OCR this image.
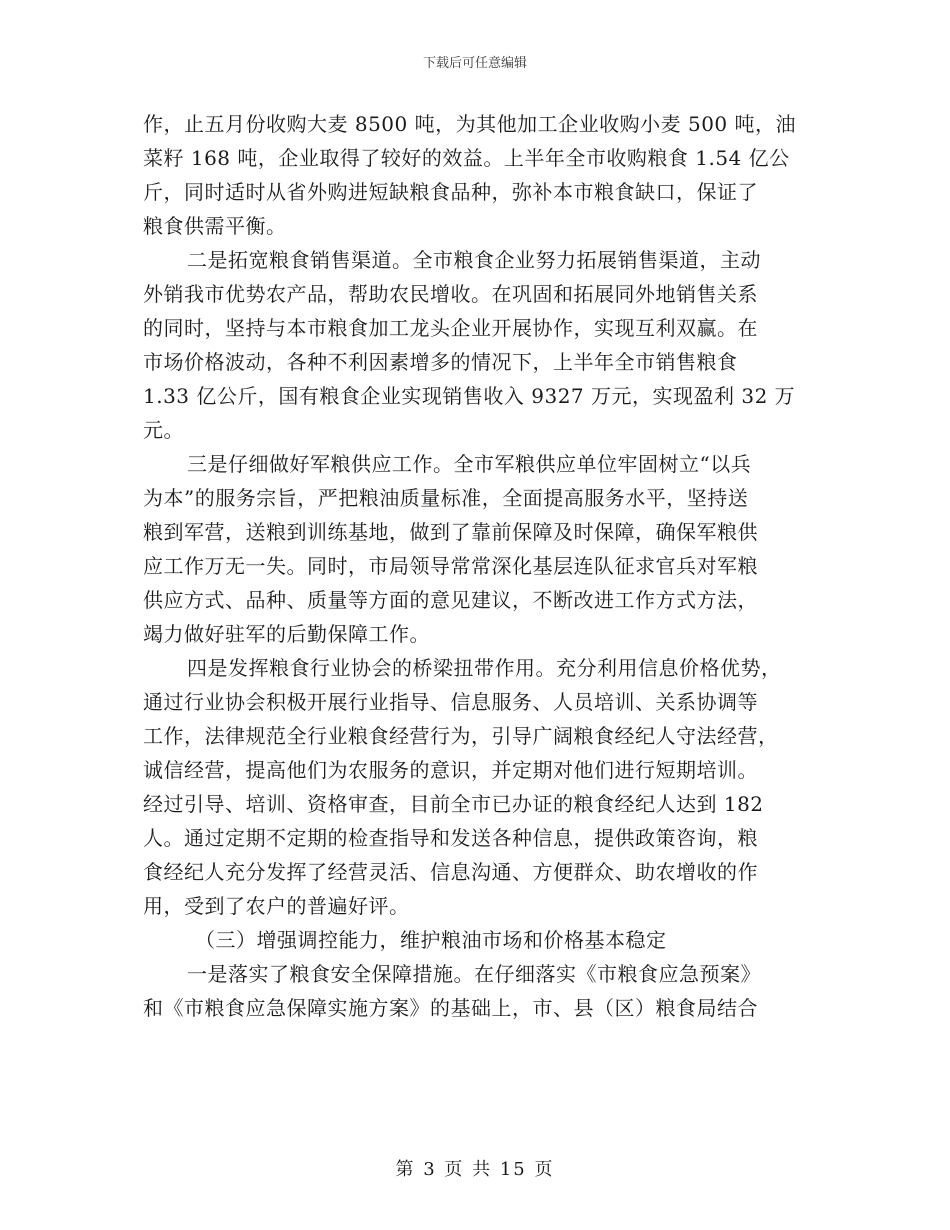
下载后可任意编辑
作，止五月份收购大麦 8500 吨，为其他加工企业收购小麦 500 吨，油
菜籽 168 吨，企业取得了较好的效益。上半年全市收购粮食 1.54 亿公
斤，同时适时从省外购进短缺粮食品种，弥补本市粮食缺口，保证了
粮食供需平衡。
二是拓宽粮食销售渠道。全市粮食企业努力拓展销售渠道，主动
外销我市优势农产品，帮助农民增收。在巩固和拓展同外地销售关系
的同时，坚持与本市粮食加工龙头企业开展协作，实现互利双赢。在
市场价格波动，各种不利因素增多的情况下，上半年全市销售粮食
1.33 亿公斤，国有粮食企业实现销售收入 9327 万元，实现盈利 32 万
元。
三是仔细做好军粮供应工作。全市军粮供应单位牢固树立“以兵
为本”的服务宗旨，严把粮油质量标准，全面提高服务水平，坚持送
粮到军营，送粮到训练基地，做到了靠前保障及时保障，确保军粮供
应工作万无一失。同时，市局领导常常深化基层连队征求官兵对军粮
供应方式、品种、质量等方面的意见建议，不断改进工作方式方法，
竭力做好驻军的后勤保障工作。
四是发挥粮食行业协会的桥梁扭带作用。充分利用信息价格优势，
通过行业协会积极开展行业指导、信息服务、人员培训、关系协调等
工作，法律规范全行业粮食经营行为，引导广阔粮食经纪人守法经营，
诚信经营，提高他们为农服务的意识，并定期对他们进行短期培训。
经过引导、培训、资格审查，目前全市已办证的粮食经纪人达到 182
人。通过定期不定期的检查指导和发送各种信息，提供政策咨询，粮
食经纪人充分发挥了经营灵活、信息沟通、方便群众、助农增收的作
用，受到了农户的普遍好评。
（三）增强调控能力，维护粮油市场和价格基本稳定
一是落实了粮食安全保障措施。在仔细落实《市粮食应急预案》
和《市粮食应急保障实施方案》的基础上，市、县（区）粮食局结合
第 3 页 共 15 页
